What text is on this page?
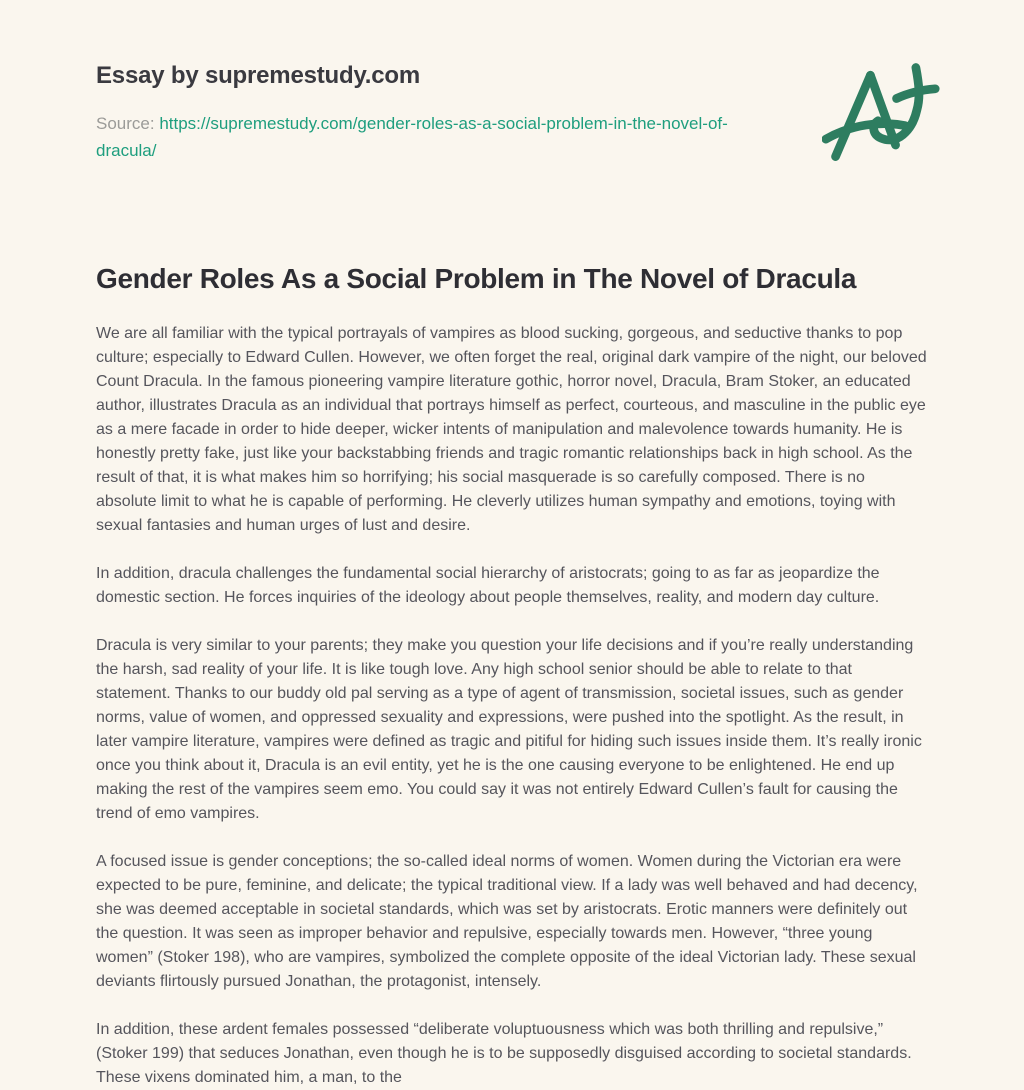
Essay by supremestudy.com

Source: https://supremestudy.com/gender-roles-as-a-social-problem-in-the-novel-of-dracula/

Gender Roles As a Social Problem in The Novel of Dracula

We are all familiar with the typical portrayals of vampires as blood sucking, gorgeous, and seductive thanks to pop culture; especially to Edward Cullen. However, we often forget the real, original dark vampire of the night, our beloved Count Dracula. In the famous pioneering vampire literature gothic, horror novel, Dracula, Bram Stoker, an educated author, illustrates Dracula as an individual that portrays himself as perfect, courteous, and masculine in the public eye as a mere facade in order to hide deeper, wicker intents of manipulation and malevolence towards humanity. He is honestly pretty fake, just like your backstabbing friends and tragic romantic relationships back in high school. As the result of that, it is what makes him so horrifying; his social masquerade is so carefully composed. There is no absolute limit to what he is capable of performing. He cleverly utilizes human sympathy and emotions, toying with sexual fantasies and human urges of lust and desire.

In addition, dracula challenges the fundamental social hierarchy of aristocrats; going to as far as jeopardize the domestic section. He forces inquiries of the ideology about people themselves, reality, and modern day culture.

Dracula is very similar to your parents; they make you question your life decisions and if you’re really understanding the harsh, sad reality of your life. It is like tough love. Any high school senior should be able to relate to that statement. Thanks to our buddy old pal serving as a type of agent of transmission, societal issues, such as gender norms, value of women, and oppressed sexuality and expressions, were pushed into the spotlight. As the result, in later vampire literature, vampires were defined as tragic and pitiful for hiding such issues inside them. It’s really ironic once you think about it, Dracula is an evil entity, yet he is the one causing everyone to be enlightened. He end up making the rest of the vampires seem emo. You could say it was not entirely Edward Cullen’s fault for causing the trend of emo vampires.

A focused issue is gender conceptions; the so-called ideal norms of women. Women during the Victorian era were expected to be pure, feminine, and delicate; the typical traditional view. If a lady was well behaved and had decency, she was deemed acceptable in societal standards, which was set by aristocrats. Erotic manners were definitely out the question. It was seen as improper behavior and repulsive, especially towards men. However, “three young women” (Stoker 198), who are vampires, symbolized the complete opposite of the ideal Victorian lady. These sexual deviants flirtously pursued Jonathan, the protagonist, intensely.

In addition, these ardent females possessed “deliberate voluptuousness which was both thrilling and repulsive,” (Stoker 199) that seduces Jonathan, even though he is to be supposedly disguised according to societal standards. These vixens dominated him, a man, to the
